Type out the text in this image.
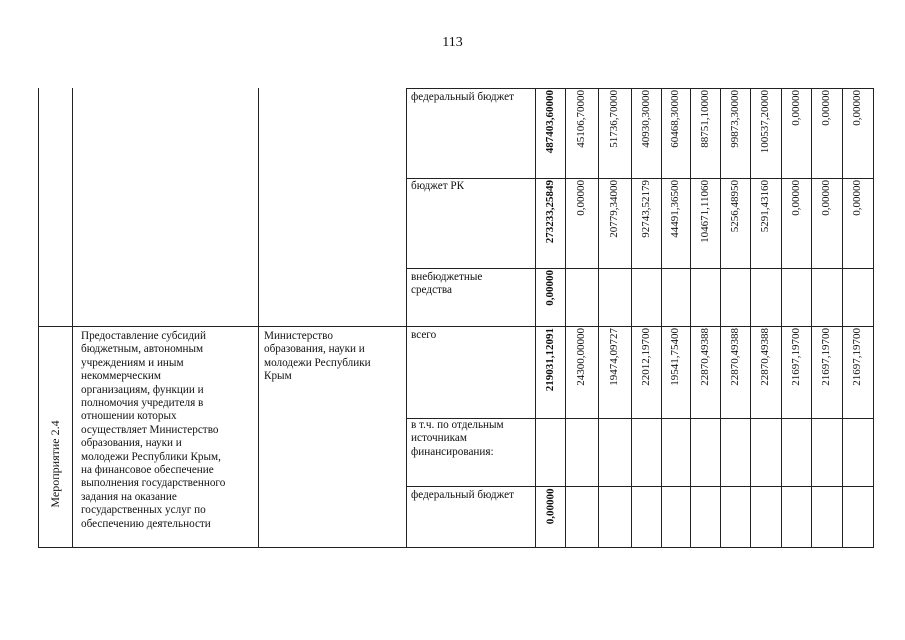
113
Мероприятие 2.4
Предоставление субсидий
бюджетным, автономным
учреждениям и иным
некоммерческим
организациям, функции и
полномочия учредителя в
отношении которых
осуществляет Министерство
образования, науки и
молодежи Республики Крым,
на финансовое обеспечение
выполнения государственного
задания на оказание
государственных услуг по
обеспечению деятельности
Министерство
образования, науки и
молодежи Республики
Крым
федеральный бюджет
бюджет РК
внебюджетные
средства
всего
в т.ч. по отдельным
источникам
финансирования:
федеральный бюджет
487403,60000 45106,70000 51736,70000 40930,30000 60468,30000 88751,10000 99873,30000 100537,20000 0,00000 0,00000 0,00000
273233,25849 0,00000 20779,34000 92743,52179 44491,36500 104671,11060 5256,48950 5291,43160 0,00000 0,00000 0,00000
0,00000
219031,12091 24300,00000 19474,09727 22012,19700 19541,75400 22870,49388 22870,49388 22870,49388 21697,19700 21697,19700 21697,19700
0,00000
